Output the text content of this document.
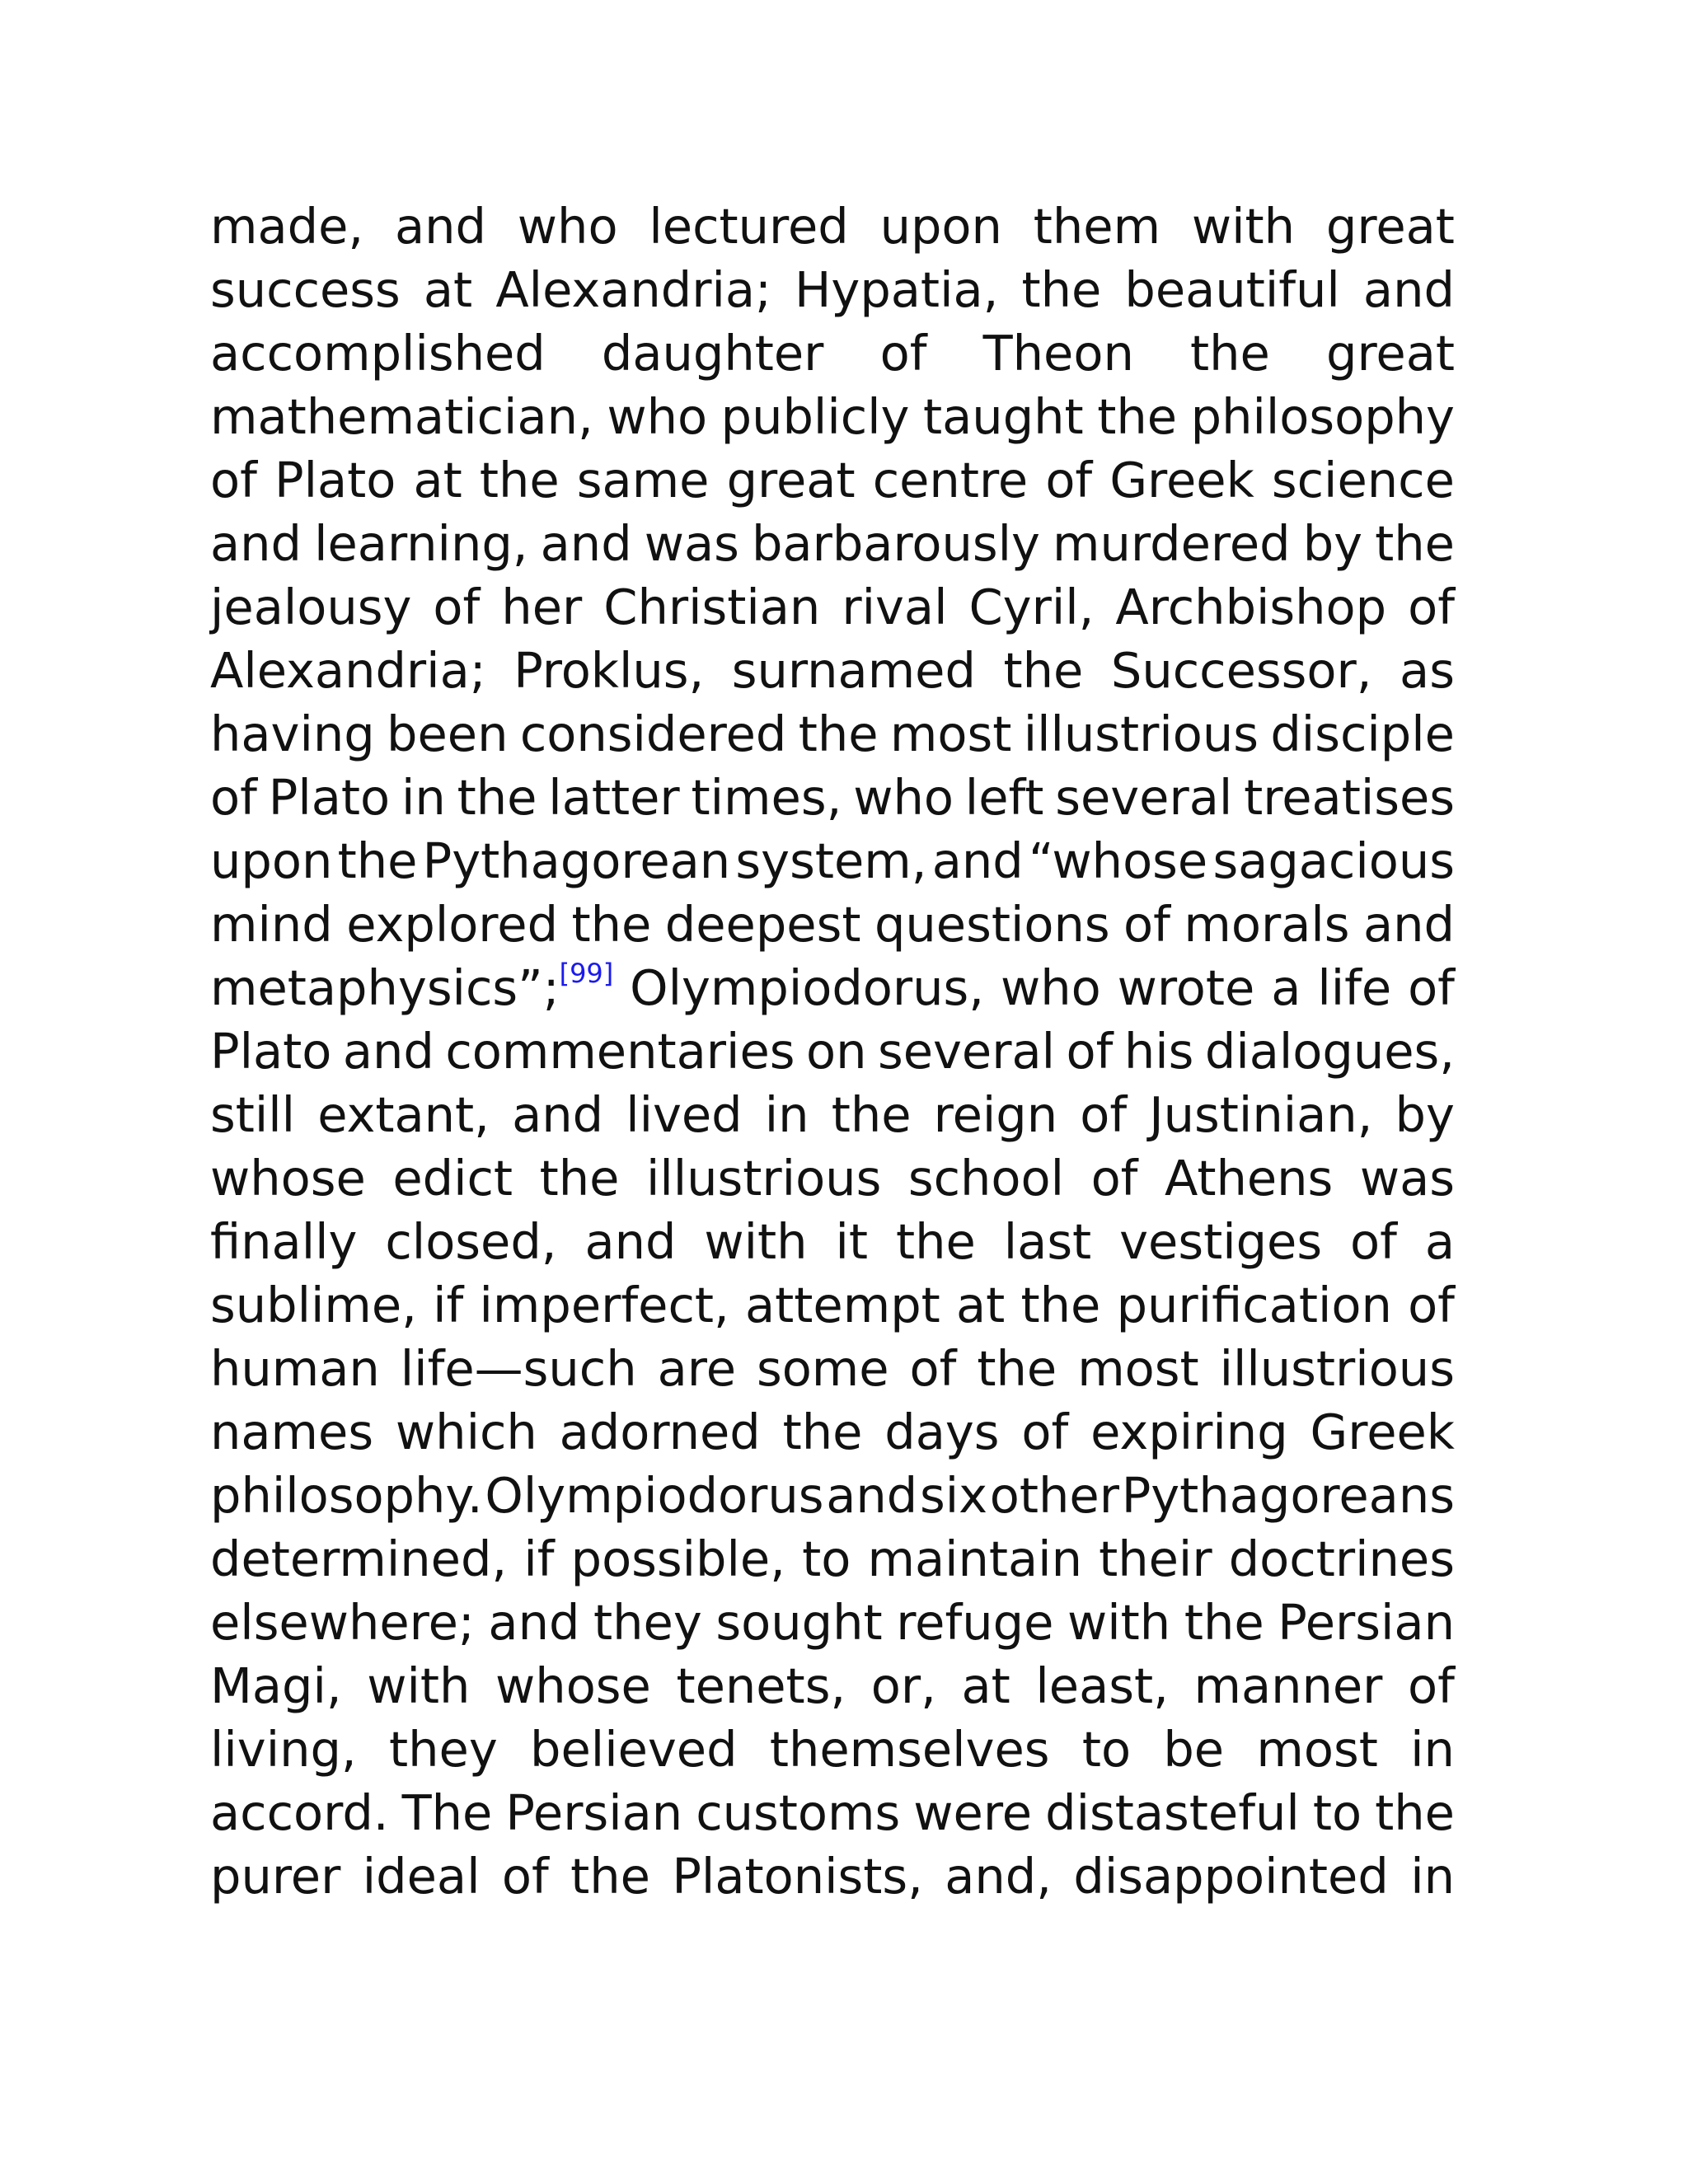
made, and who lectured upon them with great
success at Alexandria; Hypatia, the beautiful and
accomplished daughter of Theon the great
mathematician, who publicly taught the philosophy
of Plato at the same great centre of Greek science
and learning, and was barbarously murdered by the
jealousy of her Christian rival Cyril, Archbishop of
Alexandria; Proklus, surnamed the Successor, as
having been considered the most illustrious disciple
of Plato in the latter times, who left several treatises
upon the Pythagorean system, and “whose sagacious
mind explored the deepest questions of morals and
metaphysics”;[99] Olympiodorus, who wrote a life of
Plato and commentaries on several of his dialogues,
still extant, and lived in the reign of Justinian, by
whose edict the illustrious school of Athens was
finally closed, and with it the last vestiges of a
sublime, if imperfect, attempt at the purification of
human life—such are some of the most illustrious
names which adorned the days of expiring Greek
philosophy. Olympiodorus and six other Pythagoreans
determined, if possible, to maintain their doctrines
elsewhere; and they sought refuge with the Persian
Magi, with whose tenets, or, at least, manner of
living, they believed themselves to be most in
accord. The Persian customs were distasteful to the
purer ideal of the Platonists, and, disappointed in
